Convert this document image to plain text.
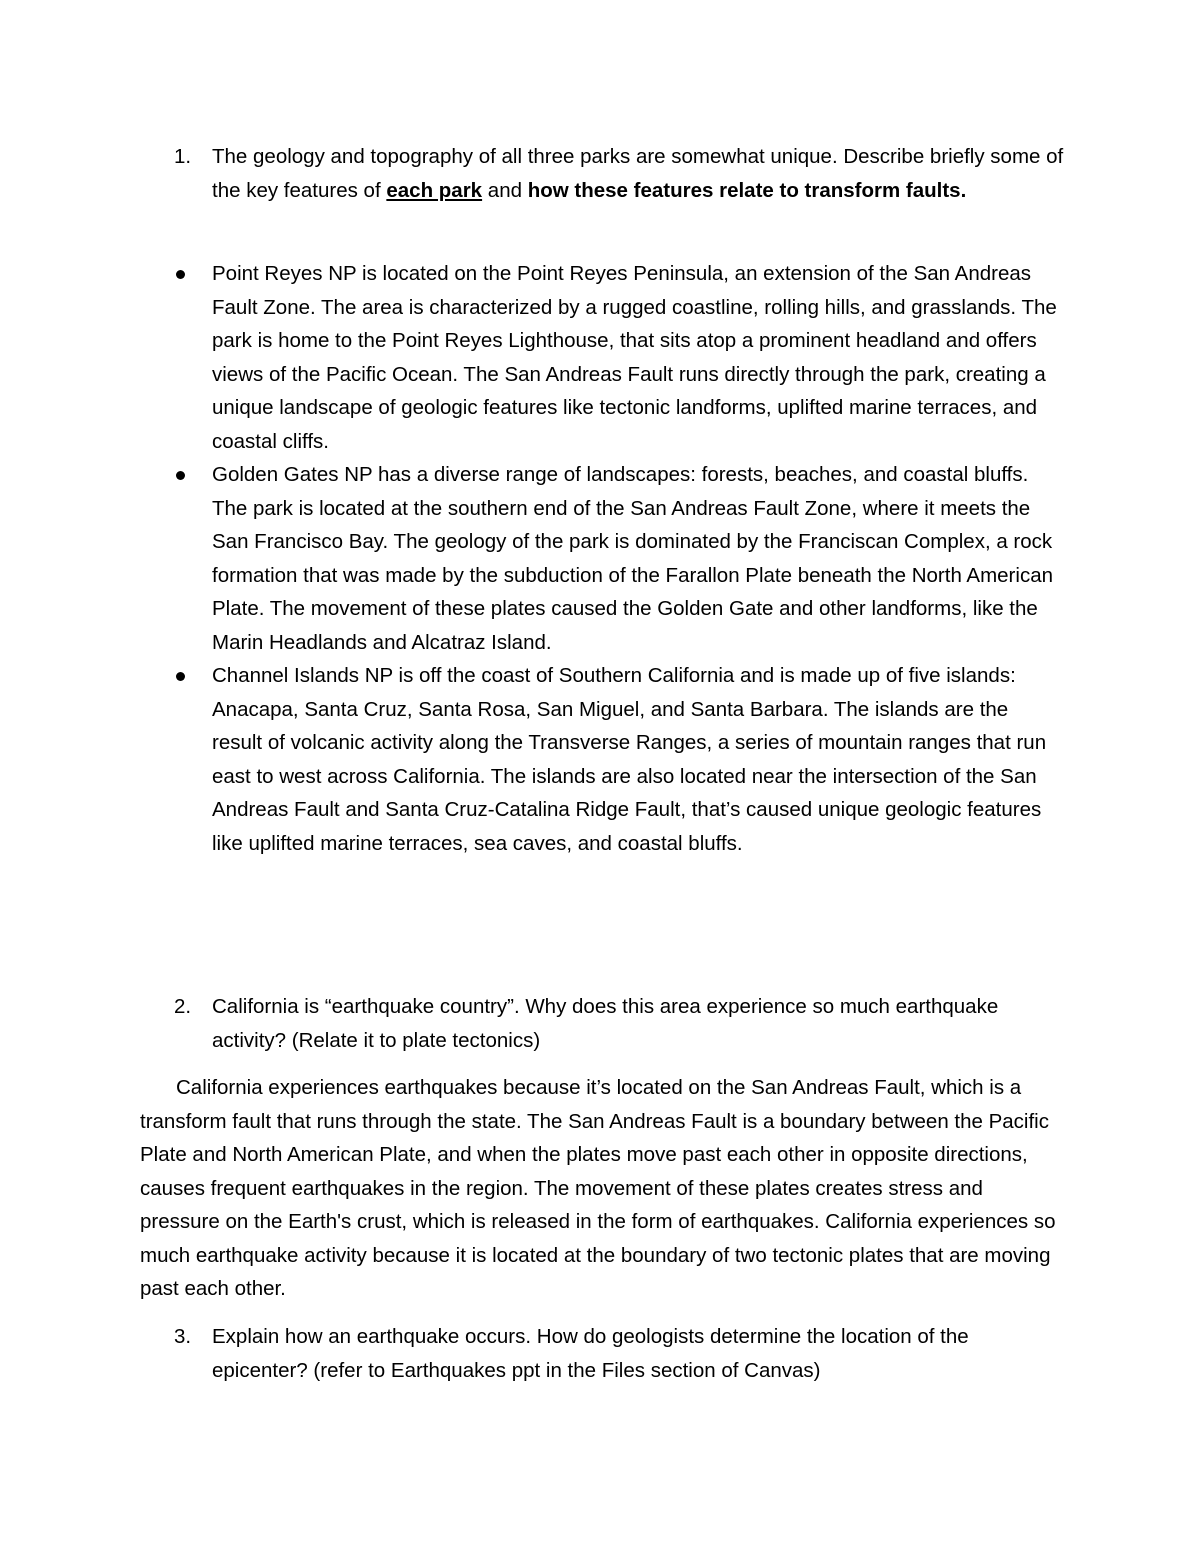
1.	The geology and topography of all three parks are somewhat unique. Describe briefly some of the key features of each park and how these features relate to transform faults.
Point Reyes NP is located on the Point Reyes Peninsula, an extension of the San Andreas Fault Zone. The area is characterized by a rugged coastline, rolling hills, and grasslands. The park is home to the Point Reyes Lighthouse, that sits atop a prominent headland and offers views of the Pacific Ocean. The San Andreas Fault runs directly through the park, creating a unique landscape of geologic features like tectonic landforms, uplifted marine terraces, and coastal cliffs.
Golden Gates NP has a diverse range of landscapes: forests, beaches, and coastal bluffs. The park is located at the southern end of the San Andreas Fault Zone, where it meets the San Francisco Bay. The geology of the park is dominated by the Franciscan Complex, a rock formation that was made by the subduction of the Farallon Plate beneath the North American Plate. The movement of these plates caused the Golden Gate and other landforms, like the Marin Headlands and Alcatraz Island.
Channel Islands NP is off the coast of Southern California and is made up of five islands: Anacapa, Santa Cruz, Santa Rosa, San Miguel, and Santa Barbara. The islands are the result of volcanic activity along the Transverse Ranges, a series of mountain ranges that run east to west across California. The islands are also located near the intersection of the San Andreas Fault and Santa Cruz-Catalina Ridge Fault, that’s caused unique geologic features like uplifted marine terraces, sea caves, and coastal bluffs.
2.	California is “earthquake country”. Why does this area experience so much earthquake activity? (Relate it to plate tectonics)
California experiences earthquakes because it’s located on the San Andreas Fault, which is a transform fault that runs through the state. The San Andreas Fault is a boundary between the Pacific Plate and North American Plate, and when the plates move past each other in opposite directions, causes frequent earthquakes in the region. The movement of these plates creates stress and pressure on the Earth's crust, which is released in the form of earthquakes. California experiences so much earthquake activity because it is located at the boundary of two tectonic plates that are moving past each other.
3.	Explain how an earthquake occurs. How do geologists determine the location of the epicenter? (refer to Earthquakes ppt in the Files section of Canvas)
